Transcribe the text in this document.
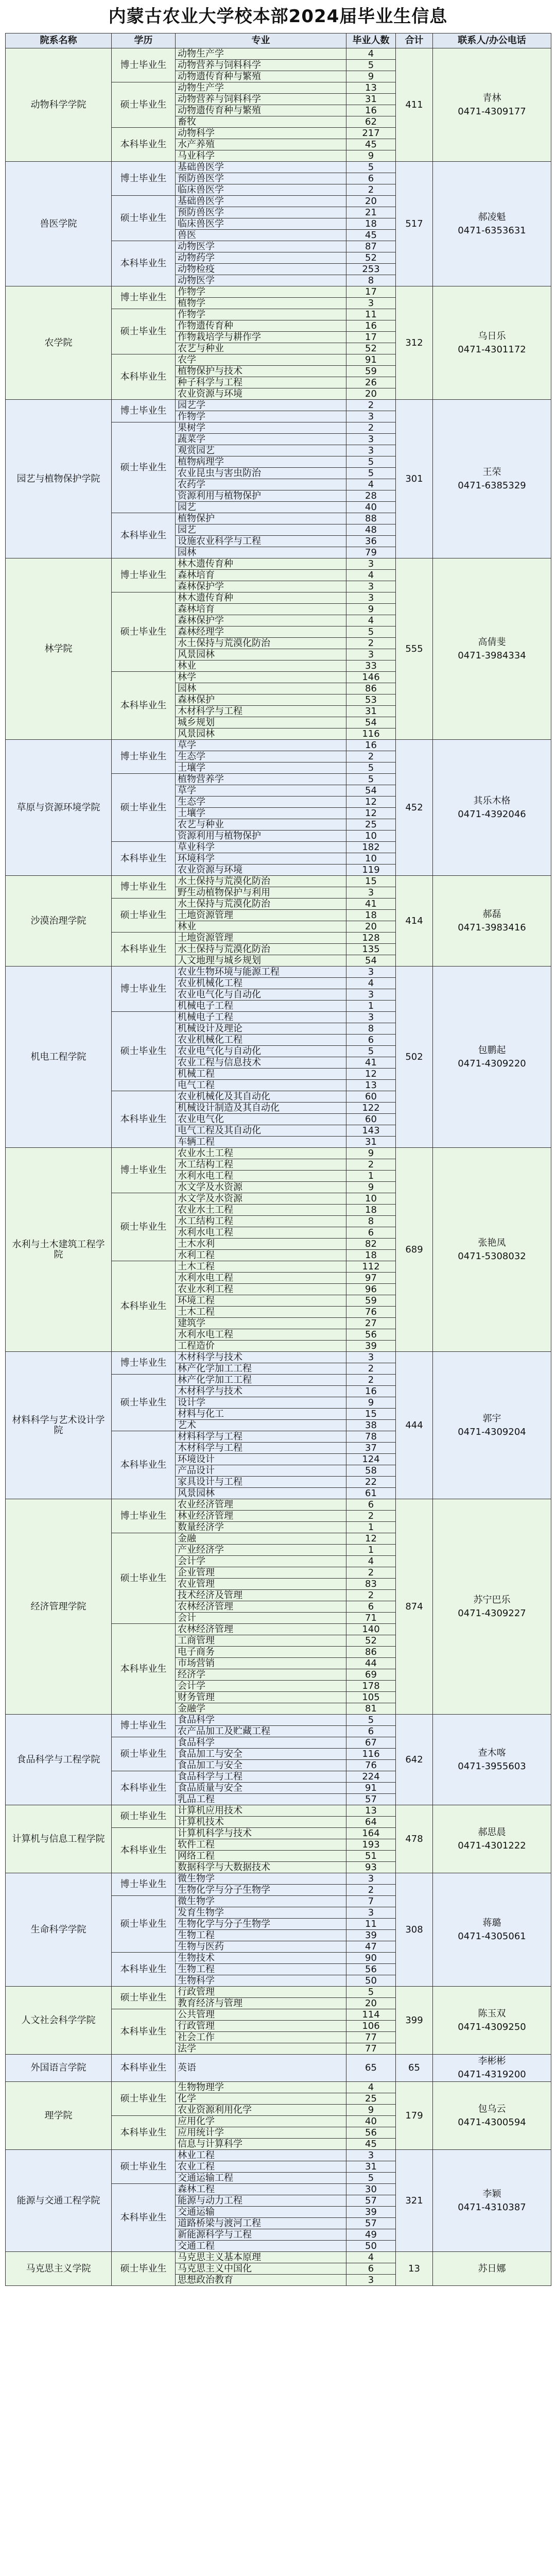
内蒙古农业大学校本部2024届毕业生信息
院系名称	学历	专业	毕业人数	合计	联系人/办公电话
动物科学学院	博士毕业生	动物生产学	4	411	青林
0471-4309177

		动物营养与饲料科学	5		
		动物遗传育种与繁殖	9		
	硕士毕业生	动物生产学	13		
		动物营养与饲料科学	31		
		动物遗传育种与繁殖	16		
		畜牧	62		
	本科毕业生	动物科学	217		
		水产养殖	45		
		马业科学	9		
兽医学院	博士毕业生	基础兽医学	5	517	郝凌魁
0471-6353631

		预防兽医学	6		
		临床兽医学	2		
	硕士毕业生	基础兽医学	20		
		预防兽医学	21		
		临床兽医学	18		
		兽医	45		
	本科毕业生	动物医学	87		
		动物药学	52		
		动物检疫	253		
		动物医学	8		
农学院	博士毕业生	作物学	17	312	乌日乐
0471-4301172

		植物学	3		
	硕士毕业生	作物学	11		
		作物遗传育种	16		
		作物栽培学与耕作学	17		
		农艺与种业	52		
	本科毕业生	农学	91		
		植物保护与技术	59		
		种子科学与工程	26		
		农业资源与环境	20		
园艺与植物保护学院	博士毕业生	园艺学	2	301	王荣
0471-6385329

		作物学	3		
	硕士毕业生	果树学	2		
		蔬菜学	3		
		观赏园艺	3		
		植物病理学	5		
		农业昆虫与害虫防治	5		
		农药学	4		
		资源利用与植物保护	28		
		园艺	40		
	本科毕业生	植物保护	88		
		园艺	48		
		设施农业科学与工程	36		
		园林	79		
林学院	博士毕业生	林木遗传育种	3	555	高倩斐
0471-3984334

		森林培育	4		
		森林保护学	3		
	硕士毕业生	林木遗传育种	3		
		森林培育	9		
		森林保护学	4		
		森林经理学	5		
		水土保持与荒漠化防治	2		
		风景园林	3		
		林业	33		
	本科毕业生	林学	146		
		园林	86		
		森林保护	53		
		木材科学与工程	31		
		城乡规划	54		
		风景园林	116		
草原与资源环境学院	博士毕业生	草学	16	452	其乐木格
0471-4392046

		生态学	2		
		土壤学	5		
	硕士毕业生	植物营养学	5		
		草学	54		
		生态学	12		
		土壤学	12		
		农艺与种业	25		
		资源利用与植物保护	10		
	本科毕业生	草业科学	182		
		环境科学	10		
		农业资源与环境	119		
沙漠治理学院	博士毕业生	水土保持与荒漠化防治	15	414	郝磊
0471-3983416

		野生动植物保护与利用	3		
	硕士毕业生	水土保持与荒漠化防治	41		
		土地资源管理	18		
		林业	20		
	本科毕业生	土地资源管理	128		
		水土保持与荒漠化防治	135		
		人文地理与城乡规划	54		
机电工程学院	博士毕业生	农业生物环境与能源工程	3	502	包鹏起
0471-4309220

		农业机械化工程	4		
		农业电气化与自动化	3		
		机械电子工程	1		
	硕士毕业生	机械电子工程	3		
		机械设计及理论	8		
		农业机械化工程	6		
		农业电气化与自动化	5		
		农业工程与信息技术	41		
		机械工程	12		
		电气工程	13		
	本科毕业生	农业机械化及其自动化	60		
		机械设计制造及其自动化	122		
		农业电气化	60		
		电气工程及其自动化	143		
		车辆工程	31		
水利与土木建筑工程学院	博士毕业生	农业水土工程	9	689	张艳凤
0471-5308032

		水工结构工程	2		
		水利水电工程	1		
		水文学及水资源	9		
	硕士毕业生	水文学及水资源	10		
		农业水土工程	18		
		水工结构工程	8		
		水利水电工程	6		
		土木水利	82		
		水利工程	18		
	本科毕业生	土木工程	112		
		水利水电工程	97		
		农业水利工程	96		
		环境工程	59		
		土木工程	76		
		建筑学	27		
		水利水电工程	56		
		工程造价	39		
材料科学与艺术设计学院	博士毕业生	木材科学与技术	3	444	郭宇
0471-4309204

		林产化学加工工程	2		
	硕士毕业生	林产化学加工工程	2		
		木材科学与技术	16		
		设计学	9		
		材料与化工	15		
		艺术	38		
	本科毕业生	材料科学与工程	78		
		木材科学与工程	37		
		环境设计	124		
		产品设计	58		
		家具设计与工程	22		
		风景园林	61		
经济管理学院	博士毕业生	农业经济管理	6	874	苏宁巴乐
0471-4309227

		林业经济管理	2		
		数量经济学	1		
	硕士毕业生	金融	12		
		产业经济学	1		
		会计学	4		
		企业管理	2		
		农业管理	83		
		技术经济及管理	2		
		农林经济管理	6		
		会计	71		
	本科毕业生	农林经济管理	140		
		工商管理	52		
		电子商务	86		
		市场营销	44		
		经济学	69		
		会计学	178		
		财务管理	105		
		金融学	81		
食品科学与工程学院	博士毕业生	食品科学	5	642	查木喀
0471-3955603

		农产品加工及贮藏工程	6		
	硕士毕业生	食品科学	67		
		食品加工与安全	116		
		食品加工与安全	76		
	本科毕业生	食品科学与工程	224		
		食品质量与安全	91		
		乳品工程	57		
计算机与信息工程学院	硕士毕业生	计算机应用技术	13	478	郝思晨
0471-4301222

		计算机技术	64		
	本科毕业生	计算机科学与技术	164		
		软件工程	193		
		网络工程	51		
		数据科学与大数据技术	93		
生命科学学院	博士毕业生	微生物学	3	308	蒋璐
0471-4305061

		生物化学与分子生物学	2		
	硕士毕业生	微生物学	7		
		发育生物学	3		
		生物化学与分子生物学	11		
		生物工程	39		
		生物与医药	47		
	本科毕业生	生物技术	90		
		生物工程	56		
		生物科学	50		
人文社会科学学院	硕士毕业生	行政管理	5	399	陈玉双
0471-4309250

		教育经济与管理	20		
	本科毕业生	公共管理	114		
		行政管理	106		
		社会工作	77		
		法学	77		
外国语言学院	本科毕业生	英语	65	65	李彬彬
0471-4319200

理学院	硕士毕业生	生物物理学	4	179	包乌云
0471-4300594

		化学	25		
		农业资源利用化学	9		
	本科毕业生	应用化学	40		
		应用统计学	56		
		信息与计算科学	45		
能源与交通工程学院	硕士毕业生	林业工程	3	321	李颖
0471-4310387

		农业工程	31		
		交通运输工程	5		
	本科毕业生	森林工程	30		
		能源与动力工程	57		
		交通运输	39		
		道路桥梁与渡河工程	57		
		新能源科学与工程	49		
		交通工程	50		
马克思主义学院	硕士毕业生	马克思主义基本原理	4	13	苏日娜

		马克思主义中国化	6		
		思想政治教育	3		
